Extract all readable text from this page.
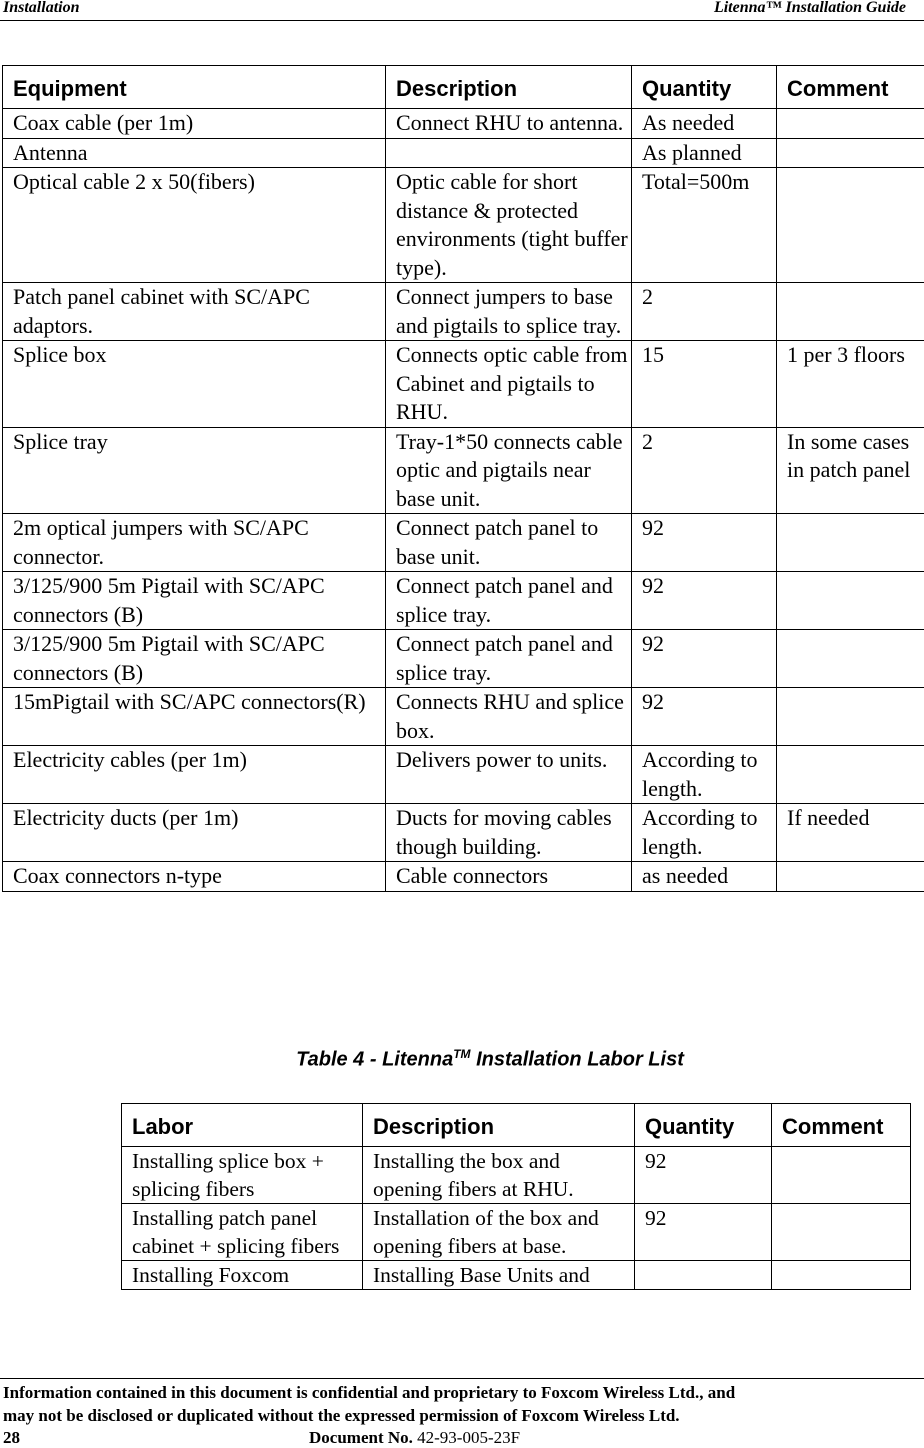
Installation	Litenna™ Installation Guide
Equipment	Description	Quantity	Comment
Coax cable (per 1m)	Connect RHU to antenna.	As needed	
Antenna		As planned	
Optical cable 2 x 50(fibers)	Optic cable for short distance & protected environments (tight buffer type).	Total=500m	
Patch panel cabinet with SC/APC adaptors.	Connect jumpers to base and pigtails to splice tray.	2	
Splice box	Connects optic cable from Cabinet and pigtails to RHU.	15	1 per 3 floors
Splice tray	Tray-1*50 connects cable optic and pigtails near base unit.	2	In some cases in patch panel
2m optical jumpers with SC/APC connector.	Connect patch panel to base unit.	92	
3/125/900 5m Pigtail with SC/APC connectors (B)	Connect patch panel and splice tray.	92	
3/125/900 5m Pigtail with SC/APC connectors (B)	Connect patch panel and splice tray.	92	
15mPigtail with SC/APC connectors(R)	Connects RHU and splice box.	92	
Electricity cables (per 1m)	Delivers power to units.	According to length.	
Electricity ducts (per 1m)	Ducts for moving cables though building.	According to length.	If needed
Coax connectors n-type	Cable connectors	as needed	
Table 4 - Litenna™ Installation Labor List
Labor	Description	Quantity	Comment
Installing splice box + splicing fibers	Installing the box and opening fibers at RHU.	92	
Installing patch panel cabinet + splicing fibers	Installation of the box and opening fibers at base.	92	
Installing Foxcom	Installing Base Units and		
Information contained in this document is confidential and proprietary to Foxcom Wireless Ltd., and
may not be disclosed or duplicated without the expressed permission of Foxcom Wireless Ltd.
28	Document No. 42-93-005-23F
